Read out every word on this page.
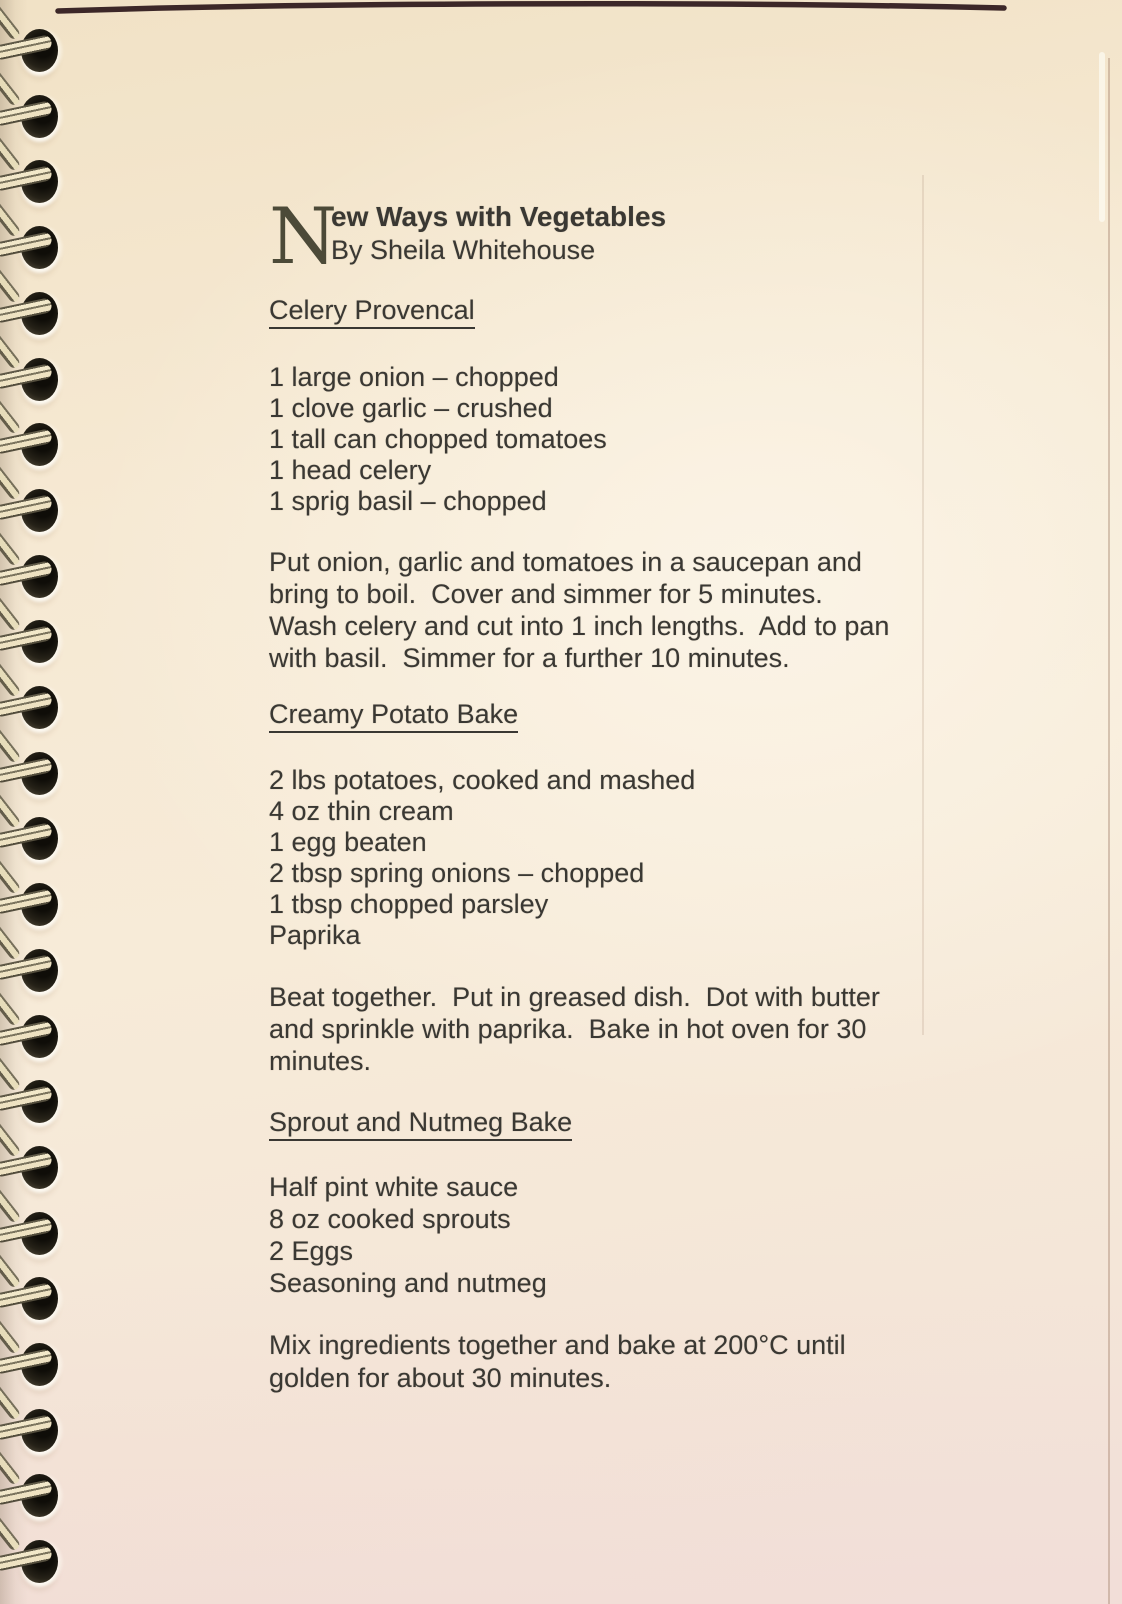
N
ew Ways with Vegetables
By Sheila Whitehouse
Celery Provencal
1 large onion – chopped
1 clove garlic – crushed
1 tall can chopped tomatoes
1 head celery
1 sprig basil – chopped
Put onion, garlic and tomatoes in a saucepan and
bring to boil.  Cover and simmer for 5 minutes.
Wash celery and cut into 1 inch lengths.  Add to pan
with basil.  Simmer for a further 10 minutes.
Creamy Potato Bake
2 lbs potatoes, cooked and mashed
4 oz thin cream
1 egg beaten
2 tbsp spring onions – chopped
1 tbsp chopped parsley
Paprika
Beat together.  Put in greased dish.  Dot with butter
and sprinkle with paprika.  Bake in hot oven for 30
minutes.
Sprout and Nutmeg Bake
Half pint white sauce
8 oz cooked sprouts
2 Eggs
Seasoning and nutmeg
Mix ingredients together and bake at 200°C until
golden for about 30 minutes.
